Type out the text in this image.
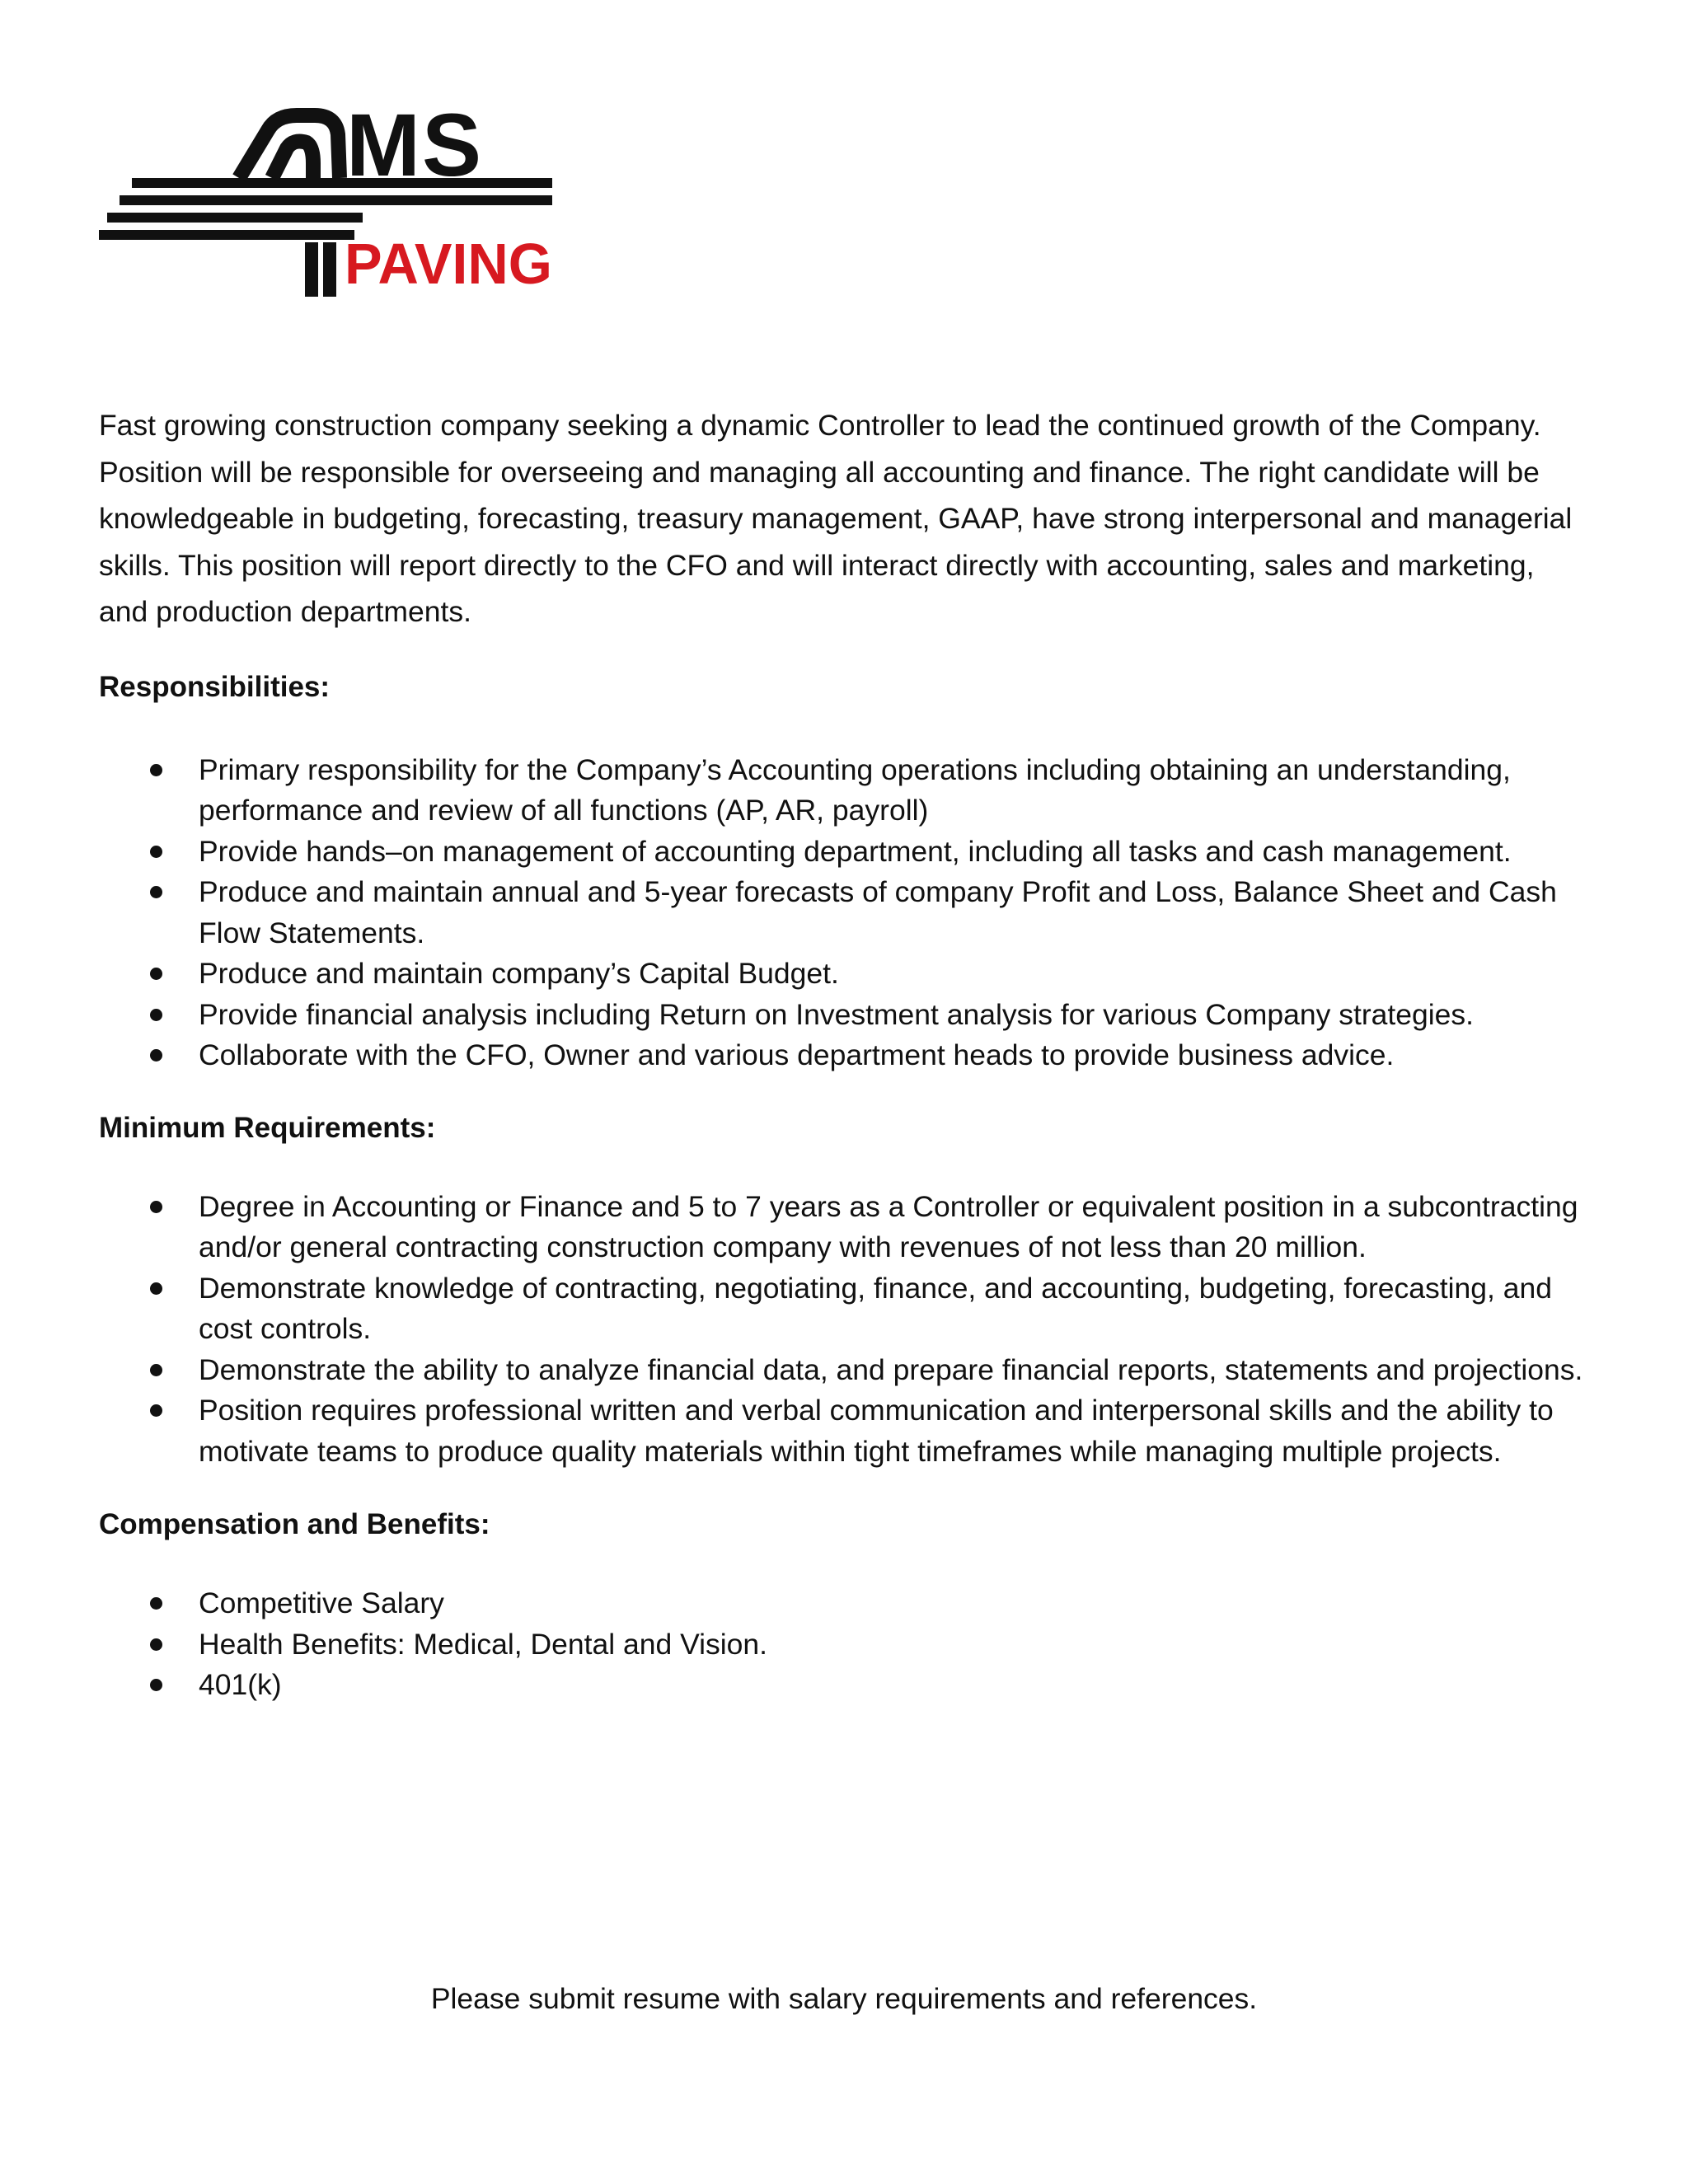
MS
PAVING

Fast growing construction company seeking a dynamic Controller to lead the continued growth of the Company. Position will be responsible for overseeing and managing all accounting and finance. The right candidate will be knowledgeable in budgeting, forecasting, treasury management, GAAP, have strong interpersonal and managerial skills. This position will report directly to the CFO and will interact directly with accounting, sales and marketing, and production departments.

Responsibilities:

Primary responsibility for the Company’s Accounting operations including obtaining an understanding, performance and review of all functions (AP, AR, payroll)
Provide hands–on management of accounting department, including all tasks and cash management.
Produce and maintain annual and 5-year forecasts of company Profit and Loss, Balance Sheet and Cash Flow Statements.
Produce and maintain company’s Capital Budget.
Provide financial analysis including Return on Investment analysis for various Company strategies.
Collaborate with the CFO, Owner and various department heads to provide business advice.

Minimum Requirements:

Degree in Accounting or Finance and 5 to 7 years as a Controller or equivalent position in a subcontracting and/or general contracting construction company with revenues of not less than 20 million.
Demonstrate knowledge of contracting, negotiating, finance, and accounting, budgeting, forecasting, and cost controls.
Demonstrate the ability to analyze financial data, and prepare financial reports, statements and projections.
Position requires professional written and verbal communication and interpersonal skills and the ability to motivate teams to produce quality materials within tight timeframes while managing multiple projects.

Compensation and Benefits:

Competitive Salary
Health Benefits: Medical, Dental and Vision.
401(k)

Please submit resume with salary requirements and references.
